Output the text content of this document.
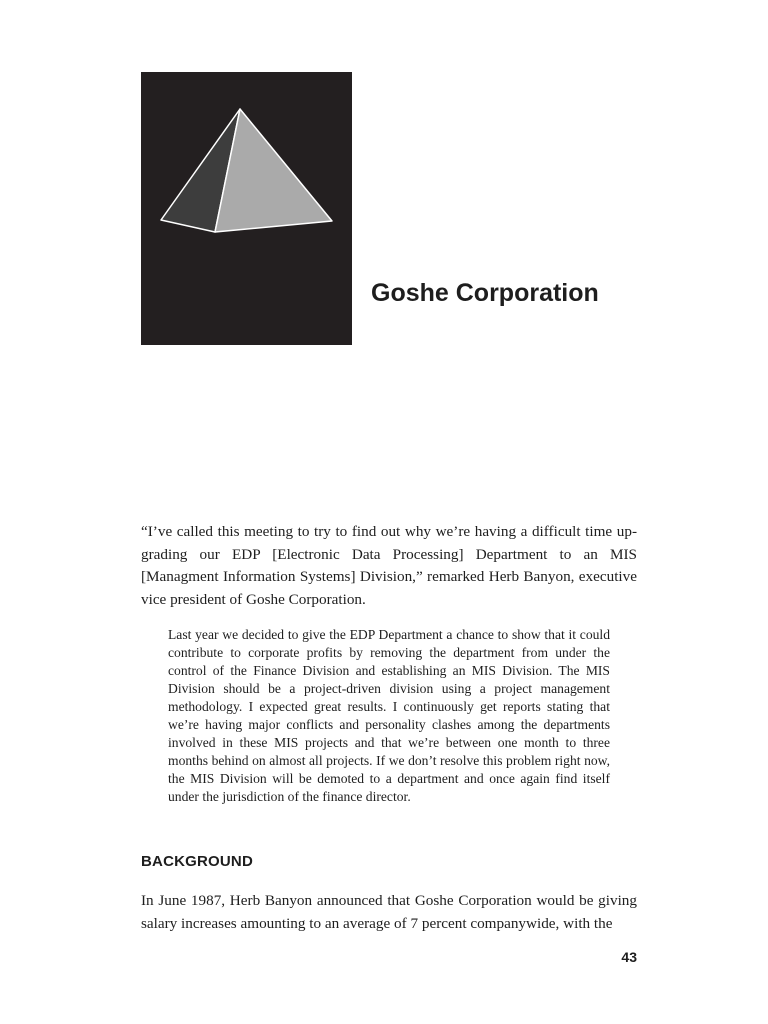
Goshe Corporation

“I’ve called this meeting to try to find out why we’re having a difficult time upgrading our EDP [Electronic Data Processing] Department to an MIS [Managment Information Systems] Division,” remarked Herb Banyon, executive vice president of Goshe Corporation.

Last year we decided to give the EDP Department a chance to show that it could contribute to corporate profits by removing the department from under the control of the Finance Division and establishing an MIS Division. The MIS Division should be a project-driven division using a project management methodology. I expected great results. I continuously get reports stating that we’re having major conflicts and personality clashes among the departments involved in these MIS projects and that we’re between one month to three months behind on almost all projects. If we don’t resolve this problem right now, the MIS Division will be demoted to a department and once again find itself under the jurisdiction of the finance director.

BACKGROUND

In June 1987, Herb Banyon announced that Goshe Corporation would be giving salary increases amounting to an average of 7 percent companywide, with the

43
